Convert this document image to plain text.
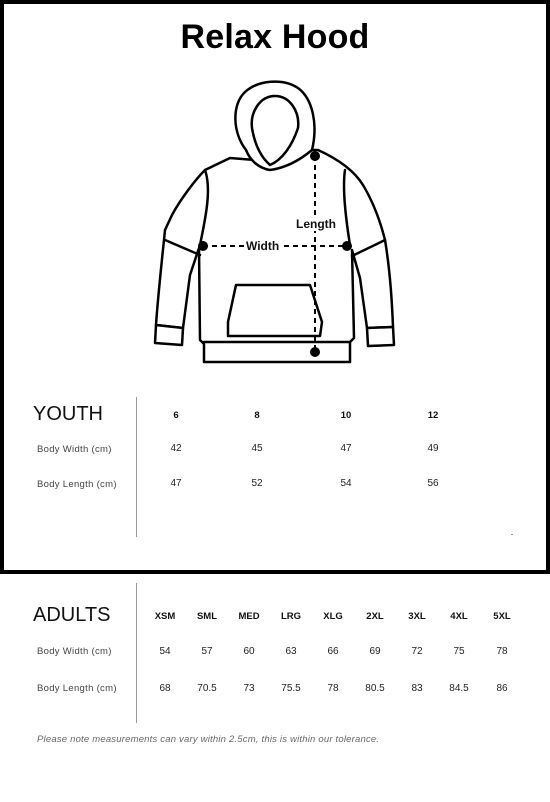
Relax Hood
Width
Length
YOUTH	6	8	10	12
Body Width (cm)	42	45	47	49
Body Length (cm)	47	52	54	56
ADULTS	XSM	SML	MED	LRG	XLG	2XL	3XL	4XL	5XL
Body Width (cm)	54	57	60	63	66	69	72	75	78
Body Length (cm)	68	70.5	73	75.5	78	80.5	83	84.5	86
Please note measurements can vary within 2.5cm, this is within our tolerance.
